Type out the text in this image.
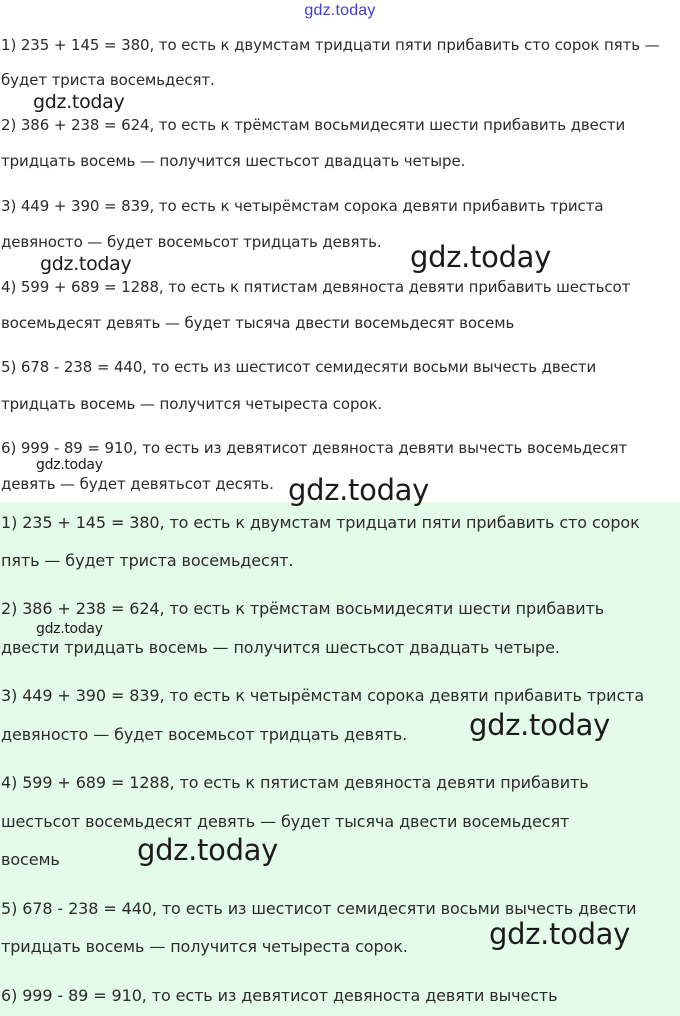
gdz.today
1) 235 + 145 = 380, то есть к двумстам тридцати пяти прибавить сто сорок пять —
будет триста восемьдесят.
2) 386 + 238 = 624, то есть к трёмстам восьмидесяти шести прибавить двести
тридцать восемь — получится шестьсот двадцать четыре.
3) 449 + 390 = 839, то есть к четырёмстам сорока девяти прибавить триста
девяносто — будет восемьсот тридцать девять.
4) 599 + 689 = 1288, то есть к пятистам девяноста девяти прибавить шестьсот
восемьдесят девять — будет тысяча двести восемьдесят восемь
5) 678 - 238 = 440, то есть из шестисот семидесяти восьми вычесть двести
тридцать восемь — получится четыреста сорок.
6) 999 - 89 = 910, то есть из девятисот девяноста девяти вычесть восемьдесят
девять — будет девятьсот десять.
1) 235 + 145 = 380, то есть к двумстам тридцати пяти прибавить сто сорок
пять — будет триста восемьдесят.
2) 386 + 238 = 624, то есть к трёмстам восьмидесяти шести прибавить
двести тридцать восемь — получится шестьсот двадцать четыре.
3) 449 + 390 = 839, то есть к четырёмстам сорока девяти прибавить триста
девяносто — будет восемьсот тридцать девять.
4) 599 + 689 = 1288, то есть к пятистам девяноста девяти прибавить
шестьсот восемьдесят девять — будет тысяча двести восемьдесят
восемь
5) 678 - 238 = 440, то есть из шестисот семидесяти восьми вычесть двести
тридцать восемь — получится четыреста сорок.
6) 999 - 89 = 910, то есть из девятисот девяноста девяти вычесть
gdz.today
gdz.today	gdz.today
gdz.today
gdz.today
gdz.today
gdz.today
gdz.today
gdz.today
